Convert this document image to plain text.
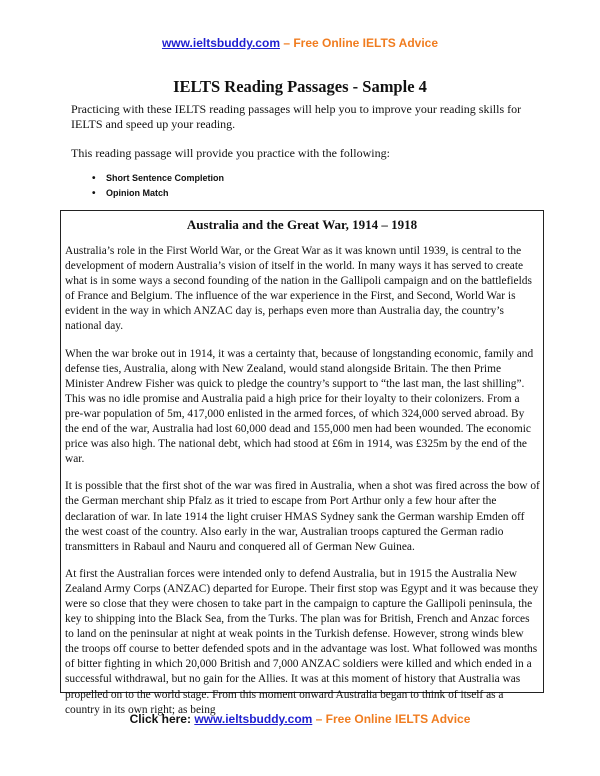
www.ieltsbuddy.com – Free Online IELTS Advice
IELTS Reading Passages - Sample 4
Practicing with these IELTS reading passages will help you to improve your reading skills for IELTS and speed up your reading.
This reading passage will provide you practice with the following:
• Short Sentence Completion
• Opinion Match
Australia and the Great War, 1914 – 1918

Australia’s role in the First World War, or the Great War as it was known until 1939, is central to the development of modern Australia’s vision of itself in the world. In many ways it has served to create what is in some ways a second founding of the nation in the Gallipoli campaign and on the battlefields of France and Belgium. The influence of the war experience in the First, and Second, World War is evident in the way in which ANZAC day is, perhaps even more than Australia day, the country’s national day.

When the war broke out in 1914, it was a certainty that, because of longstanding economic, family and defense ties, Australia, along with New Zealand, would stand alongside Britain. The then Prime Minister Andrew Fisher was quick to pledge the country’s support to “the last man, the last shilling”. This was no idle promise and Australia paid a high price for their loyalty to their colonizers. From a pre-war population of 5m, 417,000 enlisted in the armed forces, of which 324,000 served abroad. By the end of the war, Australia had lost 60,000 dead and 155,000 men had been wounded. The economic price was also high. The national debt, which had stood at £6m in 1914, was £325m by the end of the war.

It is possible that the first shot of the war was fired in Australia, when a shot was fired across the bow of the German merchant ship Pfalz as it tried to escape from Port Arthur only a few hour after the declaration of war. In late 1914 the light cruiser HMAS Sydney sank the German warship Emden off the west coast of the country. Also early in the war, Australian troops captured the German radio transmitters in Rabaul and Nauru and conquered all of German New Guinea.

At first the Australian forces were intended only to defend Australia, but in 1915 the Australia New Zealand Army Corps (ANZAC) departed for Europe. Their first stop was Egypt and it was because they were so close that they were chosen to take part in the campaign to capture the Gallipoli peninsula, the key to shipping into the Black Sea, from the Turks. The plan was for British, French and Anzac forces to land on the peninsular at night at weak points in the Turkish defense. However, strong winds blew the troops off course to better defended spots and in the advantage was lost. What followed was months of bitter fighting in which 20,000 British and 7,000 ANZAC soldiers were killed and which ended in a successful withdrawal, but no gain for the Allies. It was at this moment of history that Australia was propelled on to the world stage. From this moment onward Australia began to think of itself as a country in its own right; as being

Click here: www.ieltsbuddy.com – Free Online IELTS Advice
